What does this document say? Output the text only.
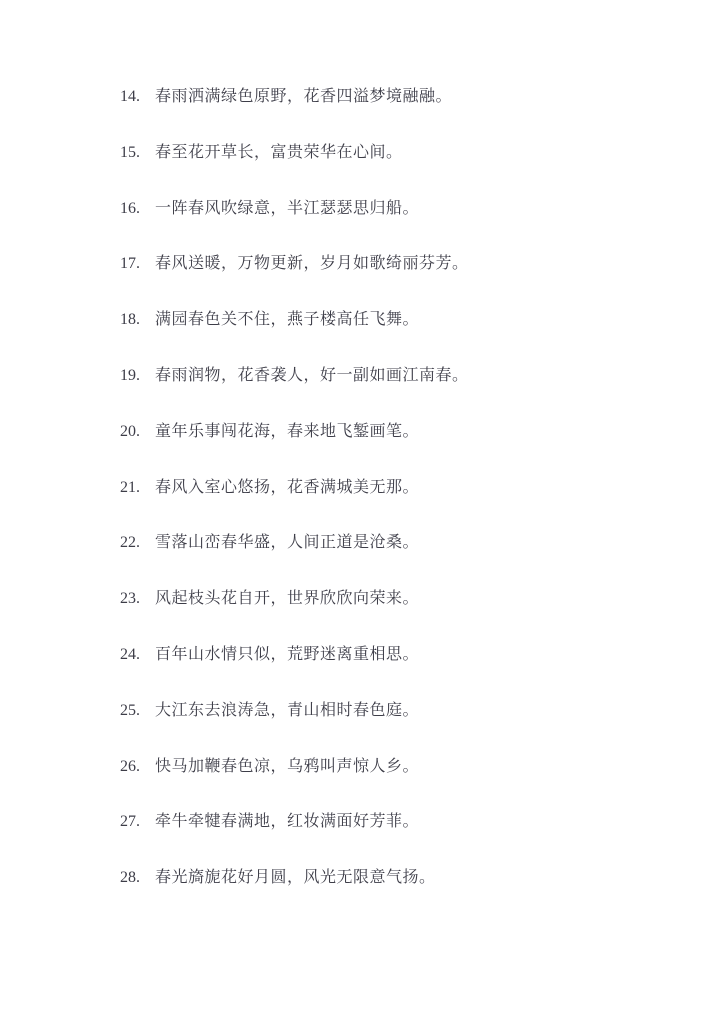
14. 春雨洒满绿色原野，花香四溢梦境融融。
15. 春至花开草长，富贵荣华在心间。
16. 一阵春风吹绿意，半江瑟瑟思归船。
17. 春风送暖，万物更新，岁月如歌绮丽芬芳。
18. 满园春色关不住，燕子楼高任飞舞。
19. 春雨润物，花香袭人，好一副如画江南春。
20. 童年乐事闯花海，春来地飞錾画笔。
21. 春风入室心悠扬，花香满城美无那。
22. 雪落山峦春华盛，人间正道是沧桑。
23. 风起枝头花自开，世界欣欣向荣来。
24. 百年山水情只似，荒野迷离重相思。
25. 大江东去浪涛急，青山相时春色庭。
26. 快马加鞭春色凉，乌鸦叫声惊人乡。
27. 牵牛牵犍春满地，红妆满面好芳菲。
28. 春光旖旎花好月圆，风光无限意气扬。
